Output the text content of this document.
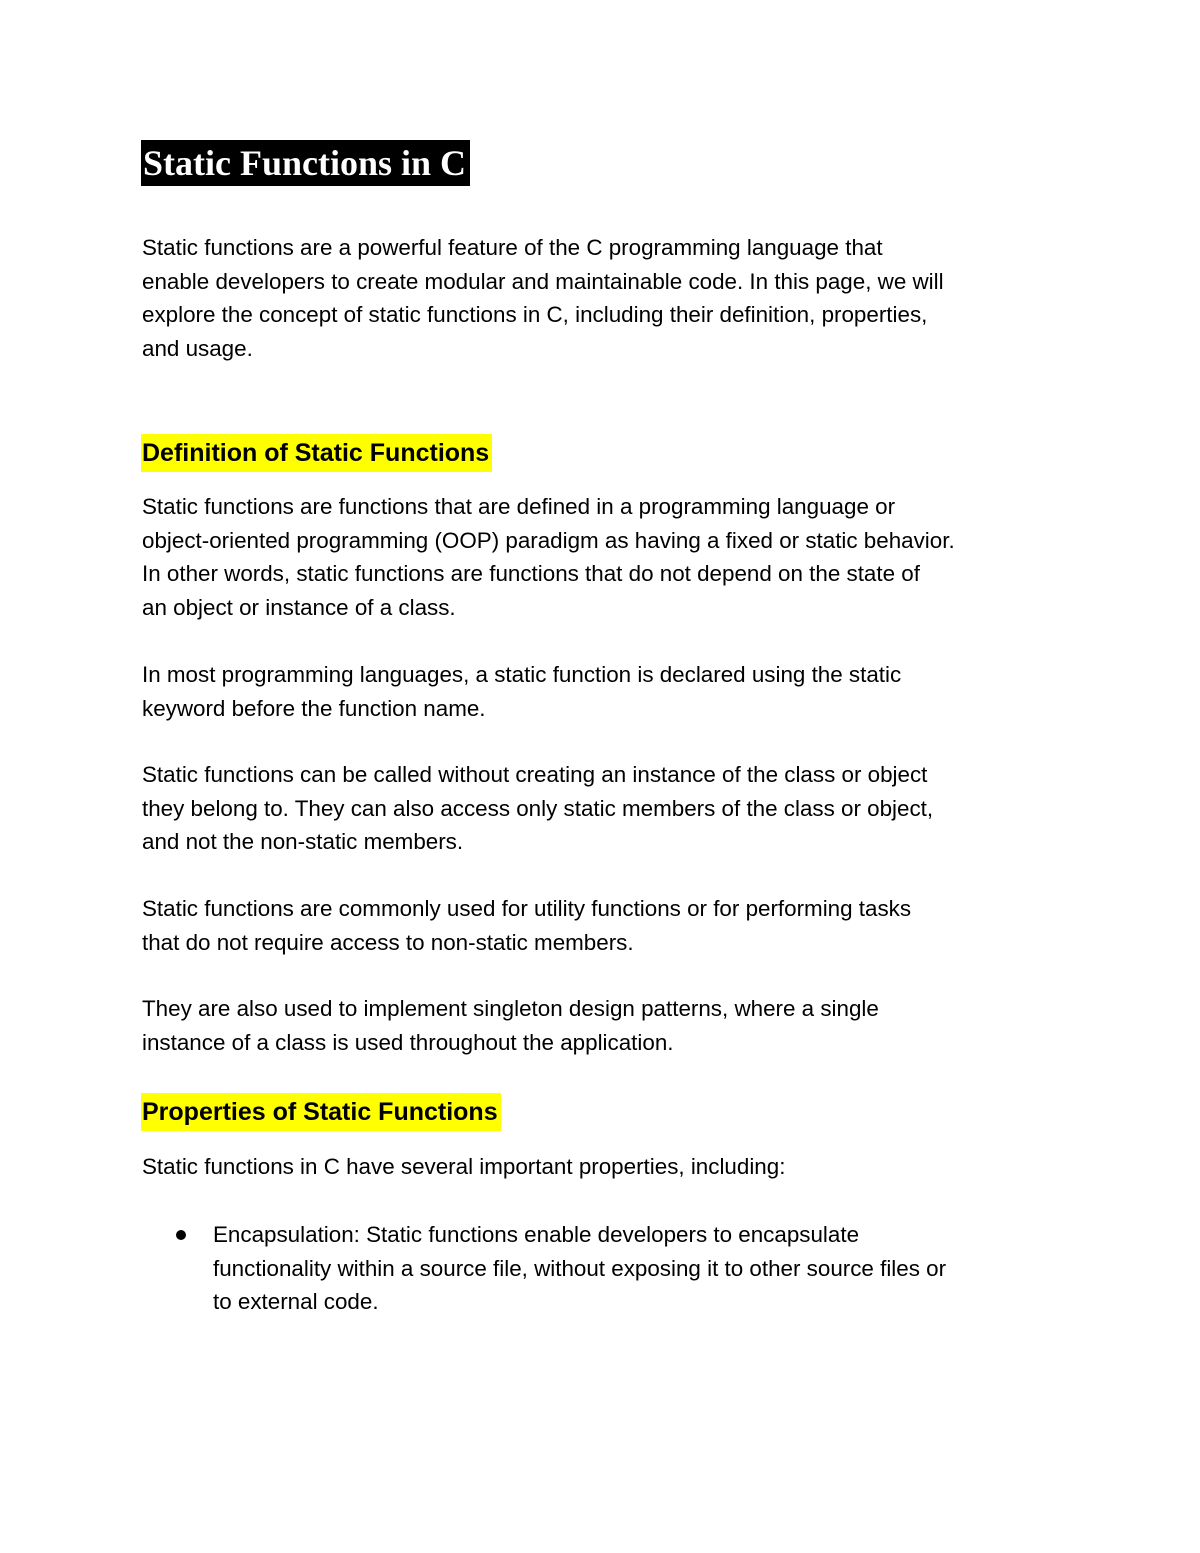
Static Functions in C

Static functions are a powerful feature of the C programming language that
enable developers to create modular and maintainable code. In this page, we will
explore the concept of static functions in C, including their definition, properties,
and usage.

Definition of Static Functions

Static functions are functions that are defined in a programming language or
object-oriented programming (OOP) paradigm as having a fixed or static behavior.
In other words, static functions are functions that do not depend on the state of
an object or instance of a class.

In most programming languages, a static function is declared using the static
keyword before the function name.

Static functions can be called without creating an instance of the class or object
they belong to. They can also access only static members of the class or object,
and not the non-static members.

Static functions are commonly used for utility functions or for performing tasks
that do not require access to non-static members.

They are also used to implement singleton design patterns, where a single
instance of a class is used throughout the application.

Properties of Static Functions

Static functions in C have several important properties, including:

Encapsulation: Static functions enable developers to encapsulate
functionality within a source file, without exposing it to other source files or
to external code.
